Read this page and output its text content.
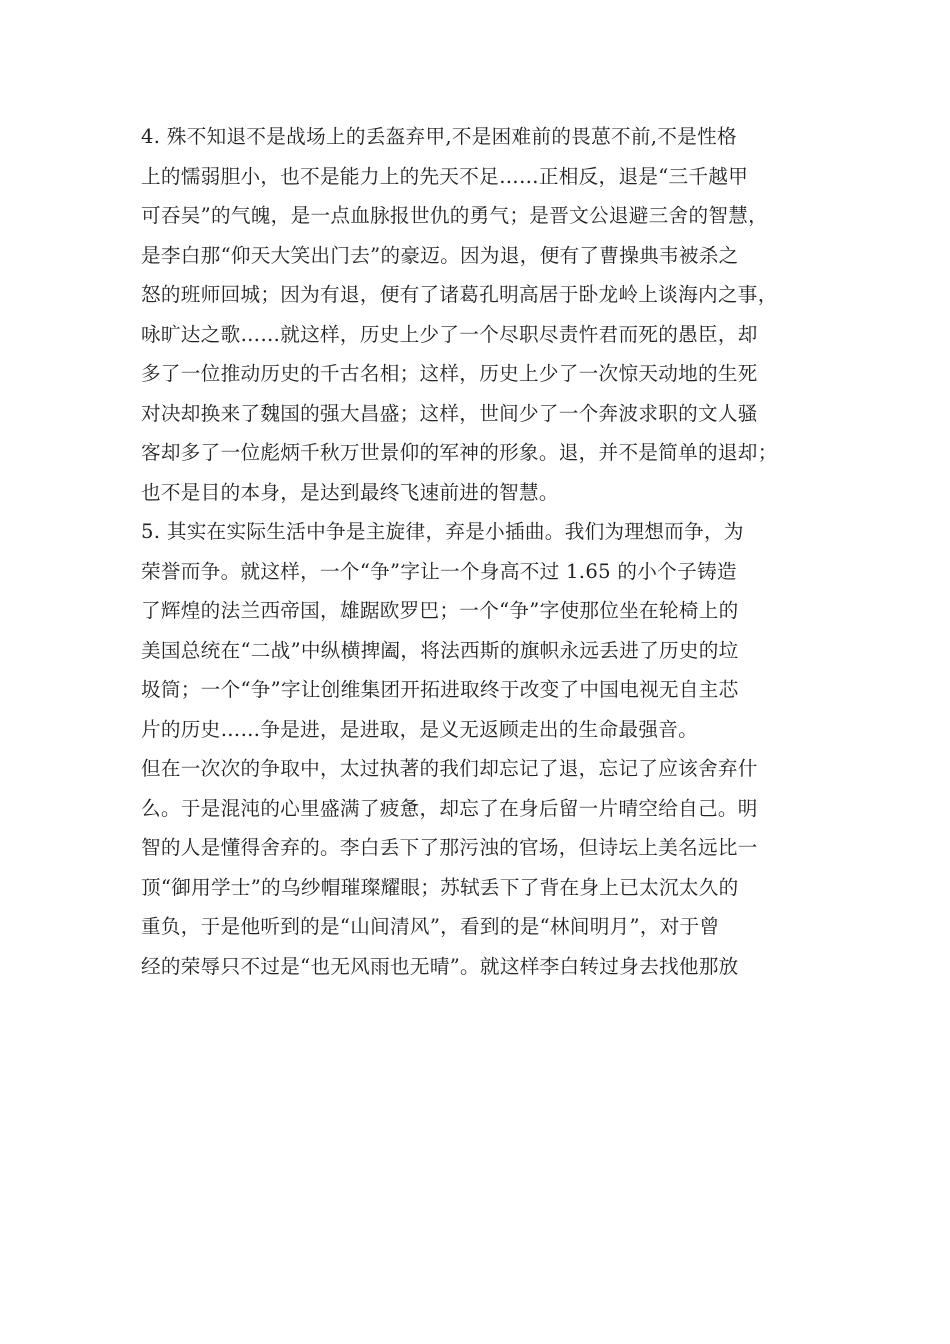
4. 殊不知退不是战场上的丢盔弃甲,不是困难前的畏葸不前,不是性格
上的懦弱胆小，也不是能力上的先天不足……正相反，退是“三千越甲
可吞吴”的气魄，是一点血脉报世仇的勇气；是晋文公退避三舍的智慧，
是李白那“仰天大笑出门去”的豪迈。因为退，便有了曹操典韦被杀之
怒的班师回城；因为有退，便有了诸葛孔明高居于卧龙岭上谈海内之事，
咏旷达之歌……就这样，历史上少了一个尽职尽责忤君而死的愚臣，却
多了一位推动历史的千古名相；这样，历史上少了一次惊天动地的生死
对决却换来了魏国的强大昌盛；这样，世间少了一个奔波求职的文人骚
客却多了一位彪炳千秋万世景仰的军神的形象。退，并不是简单的退却；
也不是目的本身，是达到最终飞速前进的智慧。
5. 其实在实际生活中争是主旋律，弃是小插曲。我们为理想而争，为
荣誉而争。就这样，一个“争”字让一个身高不过 1.65 的小个子铸造
了辉煌的法兰西帝国，雄踞欧罗巴；一个“争”字使那位坐在轮椅上的
美国总统在“二战”中纵横捭阖，将法西斯的旗帜永远丢进了历史的垃
圾筒；一个“争”字让创维集团开拓进取终于改变了中国电视无自主芯
片的历史……争是进，是进取，是义无返顾走出的生命最强音。
但在一次次的争取中，太过执著的我们却忘记了退，忘记了应该舍弃什
么。于是混沌的心里盛满了疲惫，却忘了在身后留一片晴空给自己。明
智的人是懂得舍弃的。李白丢下了那污浊的官场，但诗坛上美名远比一
顶“御用学士”的乌纱帽璀璨耀眼；苏轼丢下了背在身上已太沉太久的
重负，于是他听到的是“山间清风”，看到的是“林间明月”，对于曾
经的荣辱只不过是“也无风雨也无晴”。就这样李白转过身去找他那放
